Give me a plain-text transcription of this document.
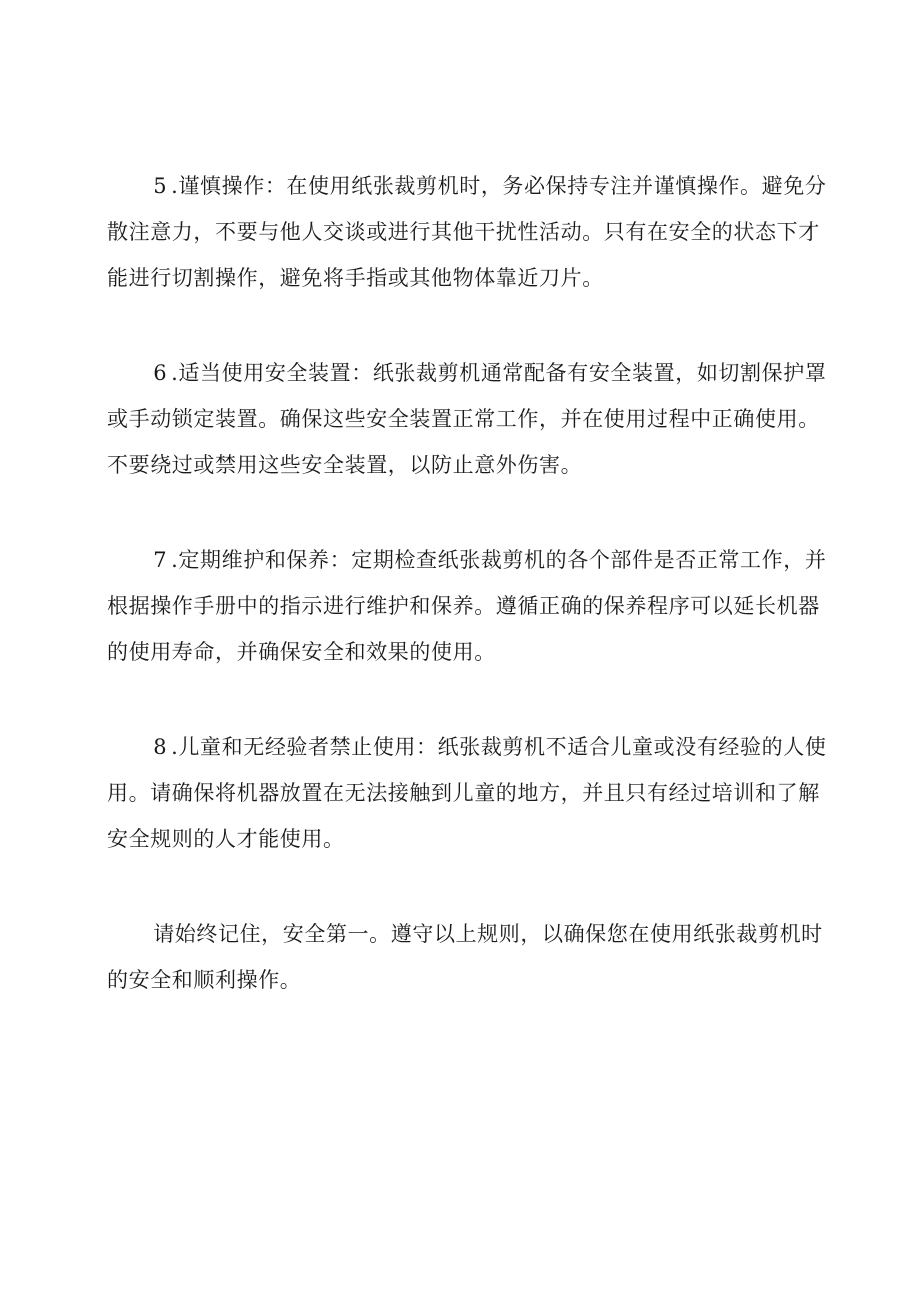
5 .谨慎操作：在使用纸张裁剪机时，务必保持专注并谨慎操作。避免分散注意力，不要与他人交谈或进行其他干扰性活动。只有在安全的状态下才能进行切割操作，避免将手指或其他物体靠近刀片。

6 .适当使用安全装置：纸张裁剪机通常配备有安全装置，如切割保护罩或手动锁定装置。确保这些安全装置正常工作，并在使用过程中正确使用。不要绕过或禁用这些安全装置，以防止意外伤害。

7 .定期维护和保养：定期检查纸张裁剪机的各个部件是否正常工作，并根据操作手册中的指示进行维护和保养。遵循正确的保养程序可以延长机器的使用寿命，并确保安全和效果的使用。

8 .儿童和无经验者禁止使用：纸张裁剪机不适合儿童或没有经验的人使用。请确保将机器放置在无法接触到儿童的地方，并且只有经过培训和了解安全规则的人才能使用。

请始终记住，安全第一。遵守以上规则，以确保您在使用纸张裁剪机时的安全和顺利操作。
